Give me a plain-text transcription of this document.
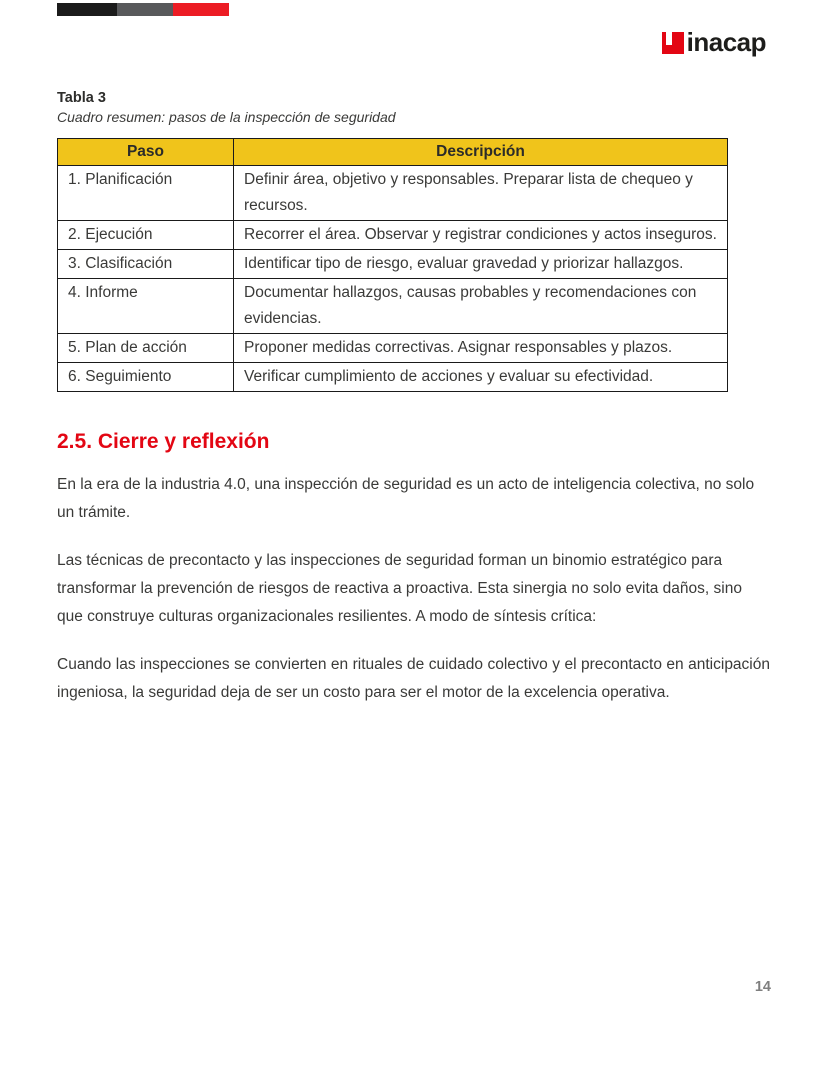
inacap

Tabla 3

Cuadro resumen: pasos de la inspección de seguridad

Paso	Descripción
1. Planificación	Definir área, objetivo y responsables. Preparar lista de chequeo y recursos.
2. Ejecución	Recorrer el área. Observar y registrar condiciones y actos inseguros.
3. Clasificación	Identificar tipo de riesgo, evaluar gravedad y priorizar hallazgos.
4. Informe	Documentar hallazgos, causas probables y recomendaciones con evidencias.
5. Plan de acción	Proponer medidas correctivas. Asignar responsables y plazos.
6. Seguimiento	Verificar cumplimiento de acciones y evaluar su efectividad.
2.5. Cierre y reflexión

En la era de la industria 4.0, una inspección de seguridad es un acto de inteligencia colectiva, no solo un trámite.

Las técnicas de precontacto y las inspecciones de seguridad forman un binomio estratégico para transformar la prevención de riesgos de reactiva a proactiva. Esta sinergia no solo evita daños, sino que construye culturas organizacionales resilientes. A modo de síntesis crítica:

Cuando las inspecciones se convierten en rituales de cuidado colectivo y el precontacto en anticipación ingeniosa, la seguridad deja de ser un costo para ser el motor de la excelencia operativa.

14
